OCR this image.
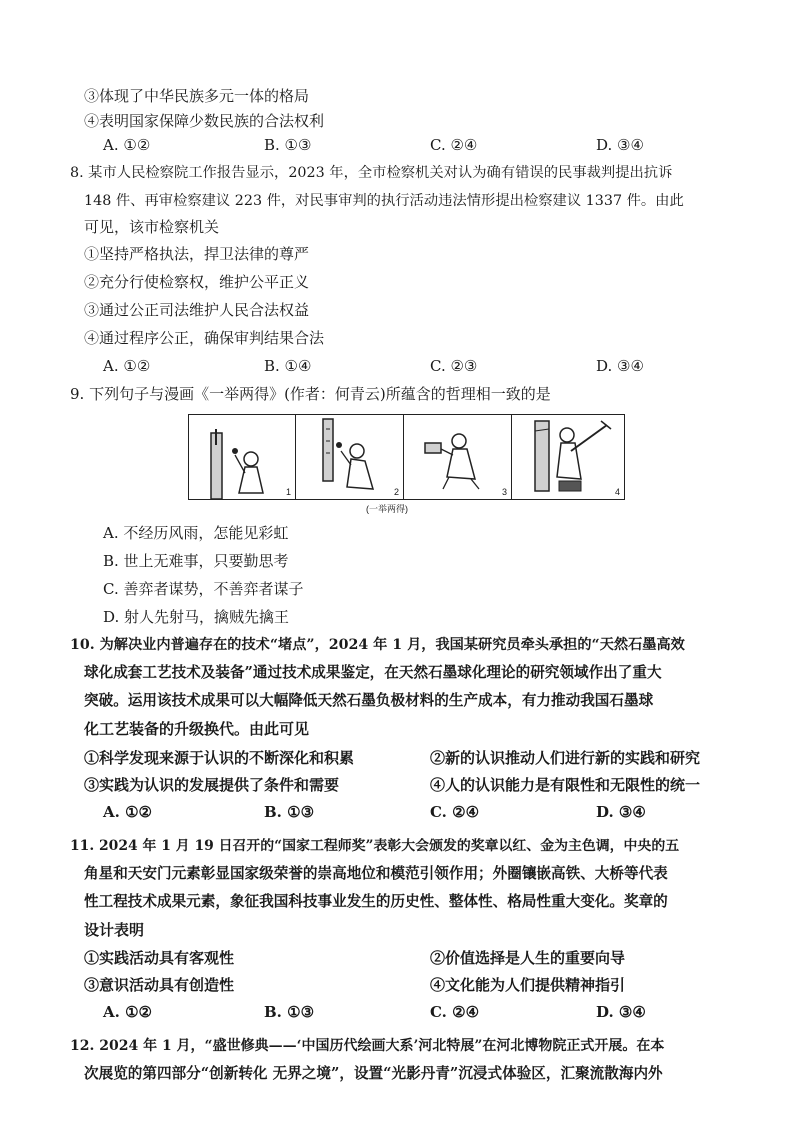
③体现了中华民族多元一体的格局
④表明国家保障少数民族的合法权利
A. ①②	B. ①③	C. ②④	D. ③④
8. 某市人民检察院工作报告显示，2023 年，全市检察机关对认为确有错误的民事裁判提出抗诉
148 件、再审检察建议 223 件，对民事审判的执行活动违法情形提出检察建议 1337 件。由此
可见，该市检察机关
①坚持严格执法，捍卫法律的尊严
②充分行使检察权，维护公平正义
③通过公正司法维护人民合法权益
④通过程序公正，确保审判结果合法
A. ①②	B. ①④	C. ②③	D. ③④
9. 下列句子与漫画《一举两得》(作者：何青云)所蕴含的哲理相一致的是
1	2	3	4
(一举两得)
A. 不经历风雨，怎能见彩虹
B. 世上无难事，只要勤思考
C. 善弈者谋势，不善弈者谋子
D. 射人先射马，擒贼先擒王
10. 为解决业内普遍存在的技术“堵点”，2024 年 1 月，我国某研究员牵头承担的“天然石墨高效
球化成套工艺技术及装备”通过技术成果鉴定，在天然石墨球化理论的研究领域作出了重大
突破。运用该技术成果可以大幅降低天然石墨负极材料的生产成本，有力推动我国石墨球
化工艺装备的升级换代。由此可见
①科学发现来源于认识的不断深化和积累	②新的认识推动人们进行新的实践和研究
③实践为认识的发展提供了条件和需要	④人的认识能力是有限性和无限性的统一
A. ①②	B. ①③	C. ②④	D. ③④
11. 2024 年 1 月 19 日召开的“国家工程师奖”表彰大会颁发的奖章以红、金为主色调，中央的五
角星和天安门元素彰显国家级荣誉的崇高地位和模范引领作用；外圈镶嵌高铁、大桥等代表
性工程技术成果元素，象征我国科技事业发生的历史性、整体性、格局性重大变化。奖章的
设计表明
①实践活动具有客观性	②价值选择是人生的重要向导
③意识活动具有创造性	④文化能为人们提供精神指引
A. ①②	B. ①③	C. ②④	D. ③④
12. 2024 年 1 月，“盛世修典——‘中国历代绘画大系’河北特展”在河北博物院正式开展。在本
次展览的第四部分“创新转化 无界之境”，设置“光影丹青”沉浸式体验区，汇聚流散海内外
